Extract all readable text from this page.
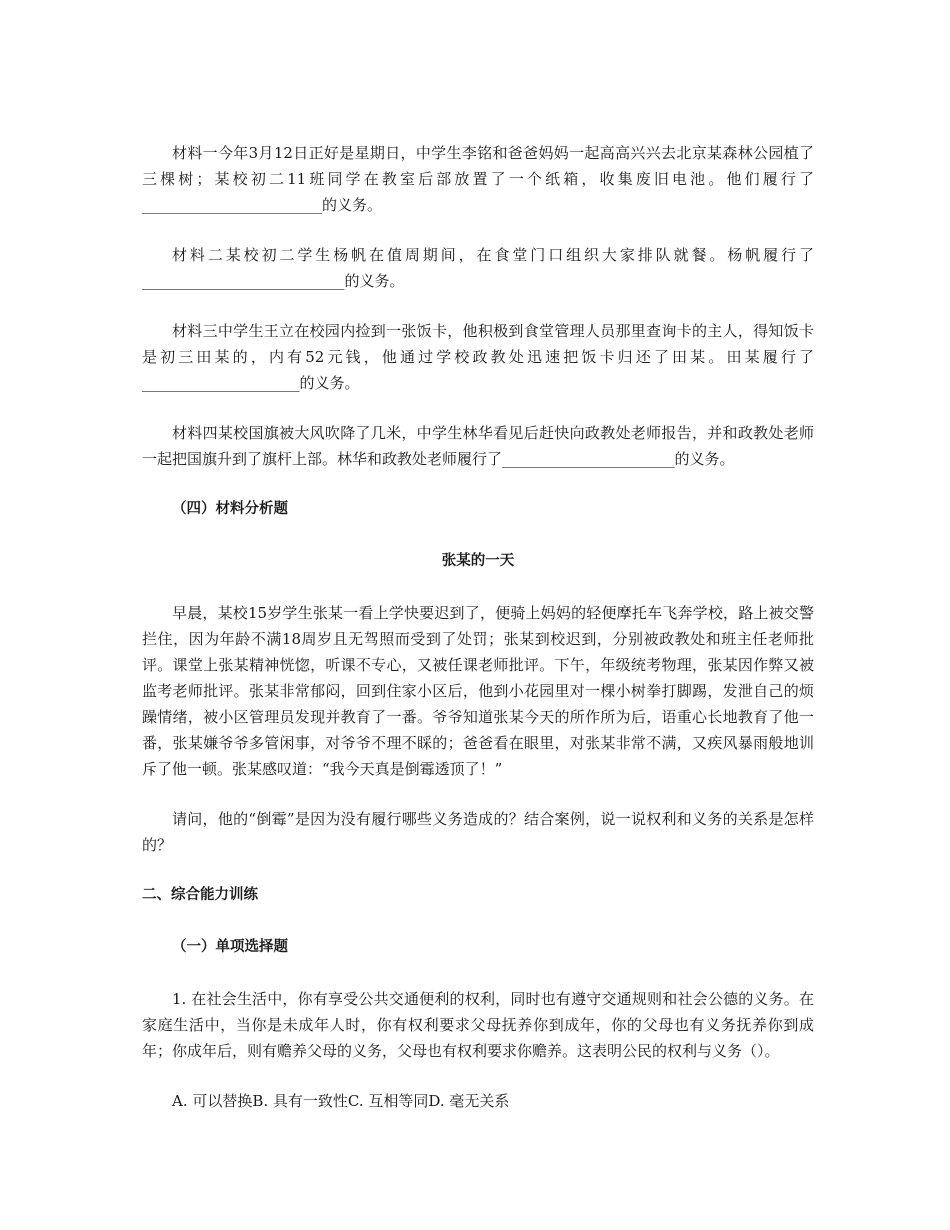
材料一今年3月12日正好是星期日，中学生李铭和爸爸妈妈一起高高兴兴去北京某森林公园植了三棵树；某校初二11班同学在教室后部放置了一个纸箱，收集废旧电池。他们履行了________________________的义务。

材料二某校初二学生杨帆在值周期间，在食堂门口组织大家排队就餐。杨帆履行了___________________________的义务。

材料三中学生王立在校园内捡到一张饭卡，他积极到食堂管理人员那里查询卡的主人，得知饭卡是初三田某的，内有52元钱，他通过学校政教处迅速把饭卡归还了田某。田某履行了_____________________的义务。

材料四某校国旗被大风吹降了几米，中学生林华看见后赶快向政教处老师报告，并和政教处老师一起把国旗升到了旗杆上部。林华和政教处老师履行了_______________________的义务。

（四）材料分析题

张某的一天

早晨，某校15岁学生张某一看上学快要迟到了，便骑上妈妈的轻便摩托车飞奔学校，路上被交警拦住，因为年龄不满18周岁且无驾照而受到了处罚；张某到校迟到，分别被政教处和班主任老师批评。课堂上张某精神恍惚，听课不专心，又被任课老师批评。下午，年级统考物理，张某因作弊又被监考老师批评。张某非常郁闷，回到住家小区后，他到小花园里对一棵小树拳打脚踢，发泄自己的烦躁情绪，被小区管理员发现并教育了一番。爷爷知道张某今天的所作所为后，语重心长地教育了他一番，张某嫌爷爷多管闲事，对爷爷不理不睬的；爸爸看在眼里，对张某非常不满，又疾风暴雨般地训斥了他一顿。张某感叹道：“我今天真是倒霉透顶了！”

请问，他的“倒霉”是因为没有履行哪些义务造成的？结合案例，说一说权利和义务的关系是怎样的？

二、综合能力训练

（一）单项选择题

1. 在社会生活中，你有享受公共交通便利的权利，同时也有遵守交通规则和社会公德的义务。在家庭生活中，当你是未成年人时，你有权利要求父母抚养你到成年，你的父母也有义务抚养你到成年；你成年后，则有赡养父母的义务，父母也有权利要求你赡养。这表明公民的权利与义务（）。

A. 可以替换B. 具有一致性C. 互相等同D. 毫无关系
